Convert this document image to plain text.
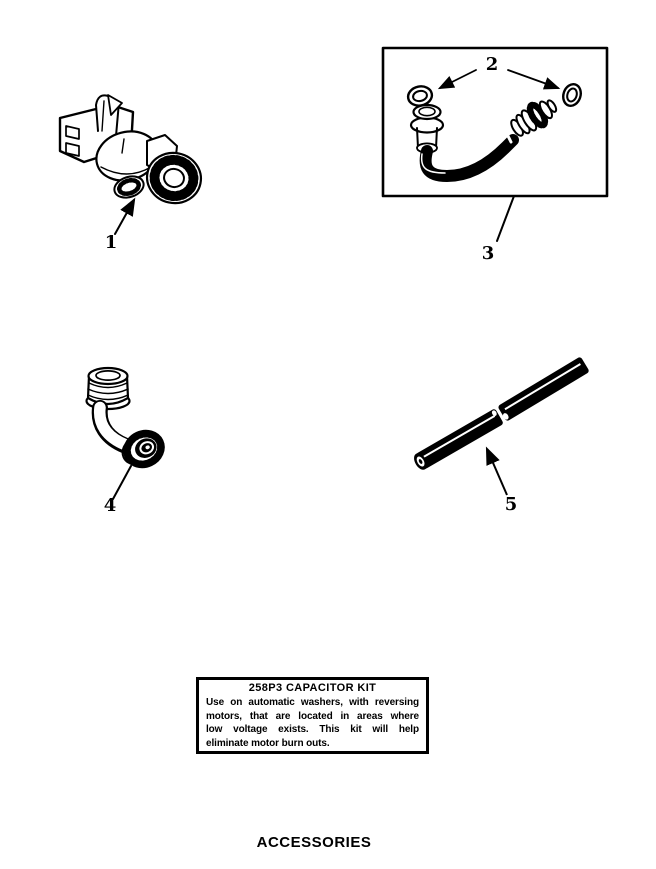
1
2
3
4	5
258P3 CAPACITOR KIT
Use on automatic washers, with reversing
motors, that are located in areas where
low voltage exists. This kit will help
eliminate motor burn outs.
ACCESSORIES
